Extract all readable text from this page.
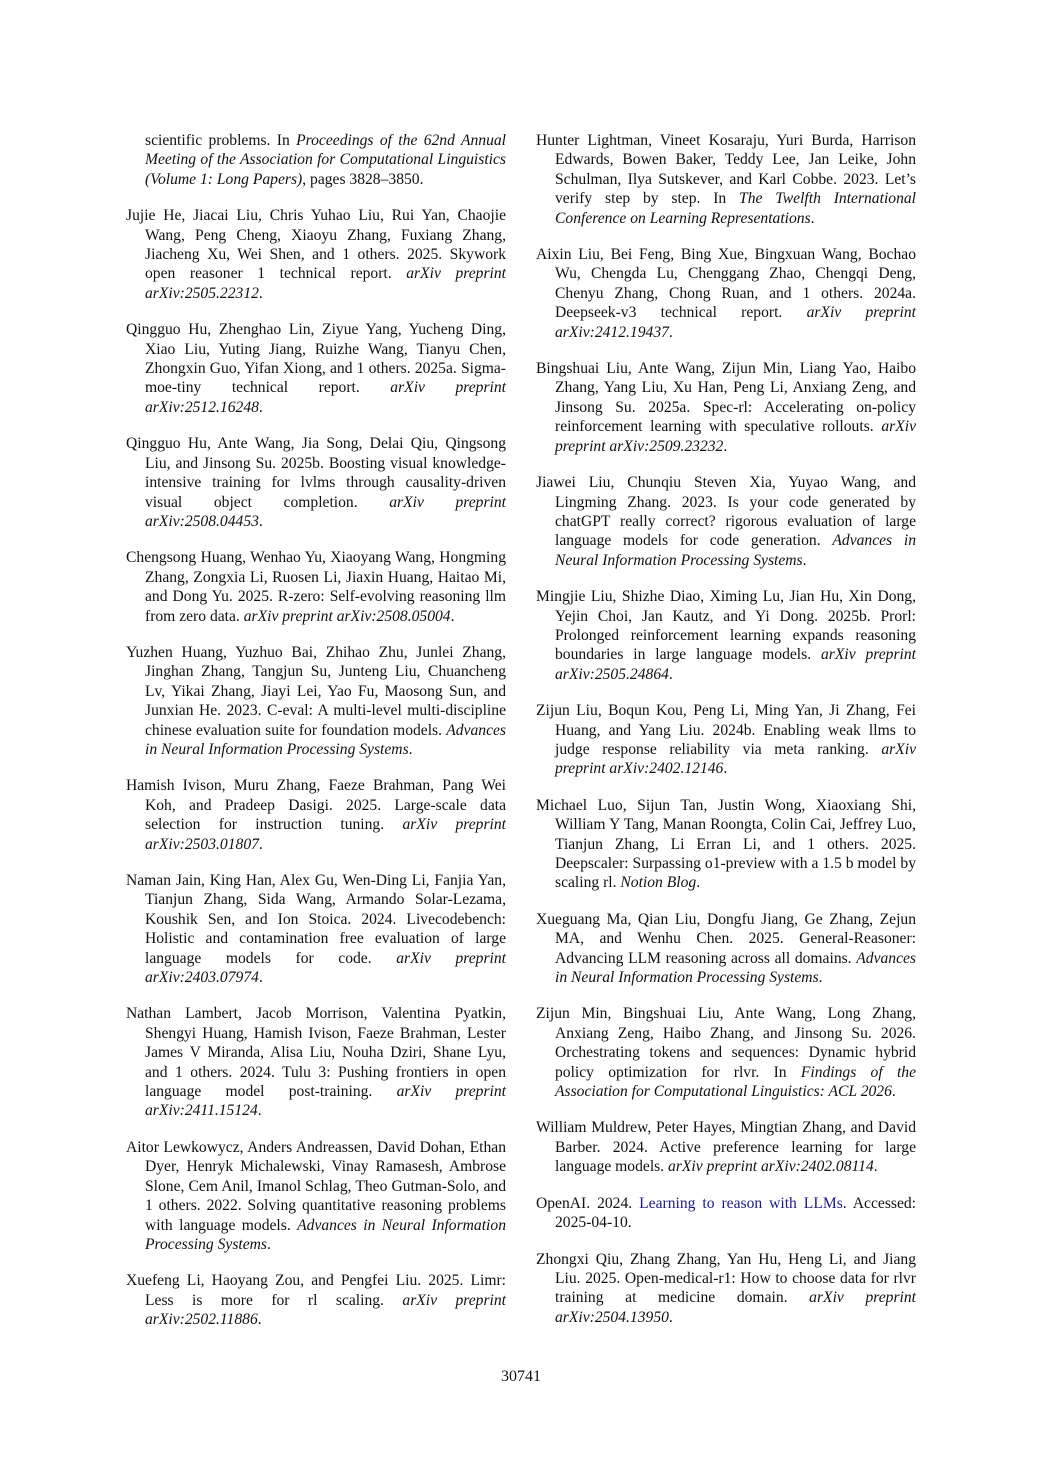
scientific problems. In Proceedings of the 62nd Annual Meeting of the Association for Computational Linguistics (Volume 1: Long Papers), pages 3828–3850.

Jujie He, Jiacai Liu, Chris Yuhao Liu, Rui Yan, Chaojie Wang, Peng Cheng, Xiaoyu Zhang, Fuxiang Zhang, Jiacheng Xu, Wei Shen, and 1 others. 2025. Skywork open reasoner 1 technical report. arXiv preprint arXiv:2505.22312.

Qingguo Hu, Zhenghao Lin, Ziyue Yang, Yucheng Ding, Xiao Liu, Yuting Jiang, Ruizhe Wang, Tianyu Chen, Zhongxin Guo, Yifan Xiong, and 1 others. 2025a. Sigma-moe-tiny technical report. arXiv preprint arXiv:2512.16248.

Qingguo Hu, Ante Wang, Jia Song, Delai Qiu, Qingsong Liu, and Jinsong Su. 2025b. Boosting visual knowledge-intensive training for lvlms through causality-driven visual object completion. arXiv preprint arXiv:2508.04453.

Chengsong Huang, Wenhao Yu, Xiaoyang Wang, Hongming Zhang, Zongxia Li, Ruosen Li, Jiaxin Huang, Haitao Mi, and Dong Yu. 2025. R-zero: Self-evolving reasoning llm from zero data. arXiv preprint arXiv:2508.05004.

Yuzhen Huang, Yuzhuo Bai, Zhihao Zhu, Junlei Zhang, Jinghan Zhang, Tangjun Su, Junteng Liu, Chuancheng Lv, Yikai Zhang, Jiayi Lei, Yao Fu, Maosong Sun, and Junxian He. 2023. C-eval: A multi-level multi-discipline chinese evaluation suite for foundation models. Advances in Neural Information Processing Systems.

Hamish Ivison, Muru Zhang, Faeze Brahman, Pang Wei Koh, and Pradeep Dasigi. 2025. Large-scale data selection for instruction tuning. arXiv preprint arXiv:2503.01807.

Naman Jain, King Han, Alex Gu, Wen-Ding Li, Fanjia Yan, Tianjun Zhang, Sida Wang, Armando Solar-Lezama, Koushik Sen, and Ion Stoica. 2024. Livecodebench: Holistic and contamination free evaluation of large language models for code. arXiv preprint arXiv:2403.07974.

Nathan Lambert, Jacob Morrison, Valentina Pyatkin, Shengyi Huang, Hamish Ivison, Faeze Brahman, Lester James V Miranda, Alisa Liu, Nouha Dziri, Shane Lyu, and 1 others. 2024. Tulu 3: Pushing frontiers in open language model post-training. arXiv preprint arXiv:2411.15124.

Aitor Lewkowycz, Anders Andreassen, David Dohan, Ethan Dyer, Henryk Michalewski, Vinay Ramasesh, Ambrose Slone, Cem Anil, Imanol Schlag, Theo Gutman-Solo, and 1 others. 2022. Solving quantitative reasoning problems with language models. Advances in Neural Information Processing Systems.

Xuefeng Li, Haoyang Zou, and Pengfei Liu. 2025. Limr: Less is more for rl scaling. arXiv preprint arXiv:2502.11886.

Hunter Lightman, Vineet Kosaraju, Yuri Burda, Harrison Edwards, Bowen Baker, Teddy Lee, Jan Leike, John Schulman, Ilya Sutskever, and Karl Cobbe. 2023. Let’s verify step by step. In The Twelfth International Conference on Learning Representations.

Aixin Liu, Bei Feng, Bing Xue, Bingxuan Wang, Bochao Wu, Chengda Lu, Chenggang Zhao, Chengqi Deng, Chenyu Zhang, Chong Ruan, and 1 others. 2024a. Deepseek-v3 technical report. arXiv preprint arXiv:2412.19437.

Bingshuai Liu, Ante Wang, Zijun Min, Liang Yao, Haibo Zhang, Yang Liu, Xu Han, Peng Li, Anxiang Zeng, and Jinsong Su. 2025a. Spec-rl: Accelerating on-policy reinforcement learning with speculative rollouts. arXiv preprint arXiv:2509.23232.

Jiawei Liu, Chunqiu Steven Xia, Yuyao Wang, and Lingming Zhang. 2023. Is your code generated by chatGPT really correct? rigorous evaluation of large language models for code generation. Advances in Neural Information Processing Systems.

Mingjie Liu, Shizhe Diao, Ximing Lu, Jian Hu, Xin Dong, Yejin Choi, Jan Kautz, and Yi Dong. 2025b. Prorl: Prolonged reinforcement learning expands reasoning boundaries in large language models. arXiv preprint arXiv:2505.24864.

Zijun Liu, Boqun Kou, Peng Li, Ming Yan, Ji Zhang, Fei Huang, and Yang Liu. 2024b. Enabling weak llms to judge response reliability via meta ranking. arXiv preprint arXiv:2402.12146.

Michael Luo, Sijun Tan, Justin Wong, Xiaoxiang Shi, William Y Tang, Manan Roongta, Colin Cai, Jeffrey Luo, Tianjun Zhang, Li Erran Li, and 1 others. 2025. Deepscaler: Surpassing o1-preview with a 1.5 b model by scaling rl. Notion Blog.

Xueguang Ma, Qian Liu, Dongfu Jiang, Ge Zhang, Zejun MA, and Wenhu Chen. 2025. General-Reasoner: Advancing LLM reasoning across all domains. Advances in Neural Information Processing Systems.

Zijun Min, Bingshuai Liu, Ante Wang, Long Zhang, Anxiang Zeng, Haibo Zhang, and Jinsong Su. 2026. Orchestrating tokens and sequences: Dynamic hybrid policy optimization for rlvr. In Findings of the Association for Computational Linguistics: ACL 2026.

William Muldrew, Peter Hayes, Mingtian Zhang, and David Barber. 2024. Active preference learning for large language models. arXiv preprint arXiv:2402.08114.

OpenAI. 2024. Learning to reason with LLMs. Accessed: 2025-04-10.

Zhongxi Qiu, Zhang Zhang, Yan Hu, Heng Li, and Jiang Liu. 2025. Open-medical-r1: How to choose data for rlvr training at medicine domain. arXiv preprint arXiv:2504.13950.

30741
